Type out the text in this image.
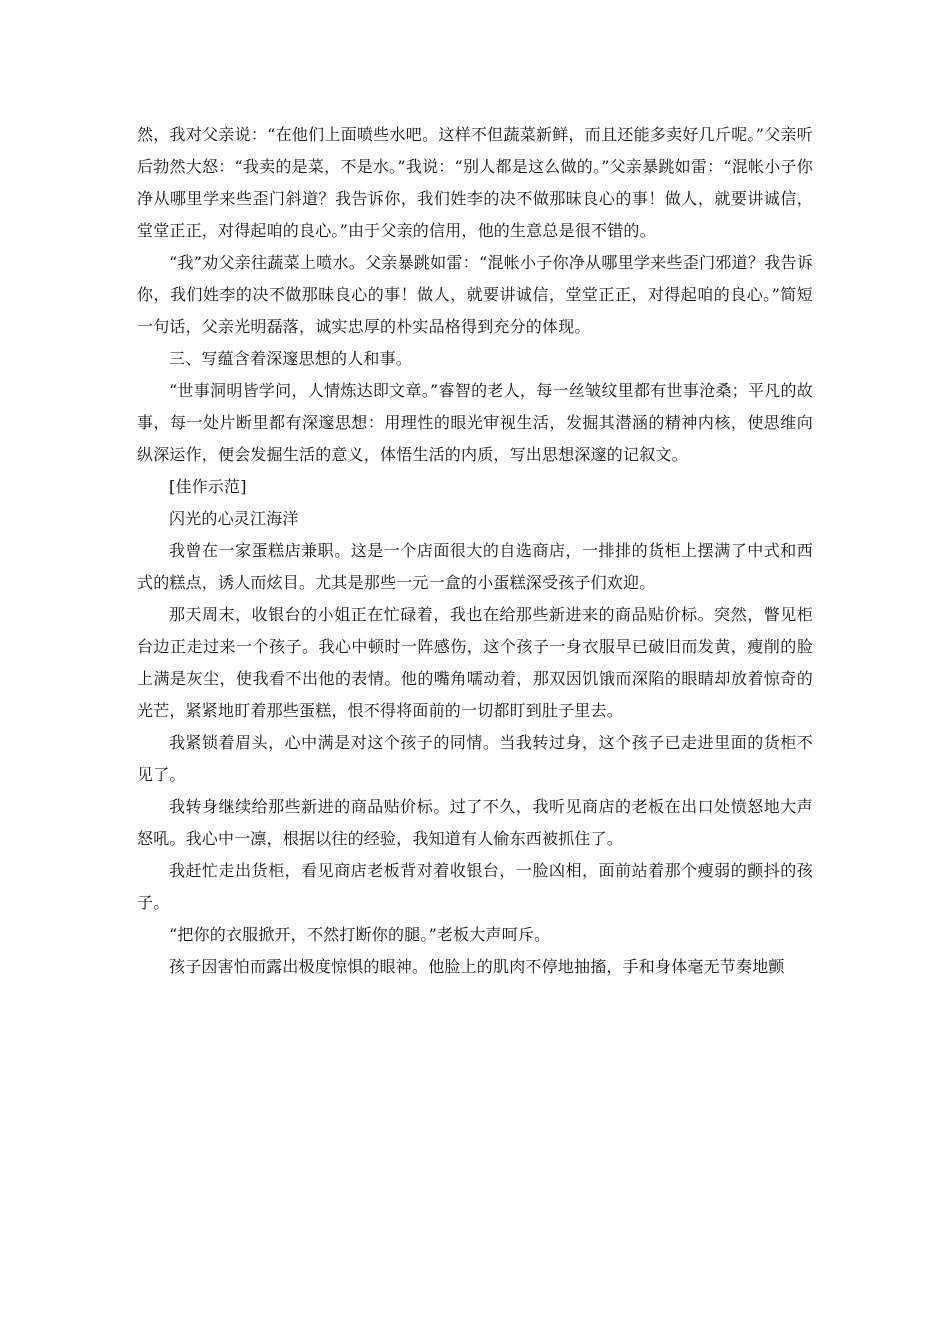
然，我对父亲说：“在他们上面喷些水吧。这样不但蔬菜新鲜，而且还能多卖好几斤呢。”父亲听后勃然大怒：“我卖的是菜，不是水。”我说：“别人都是这么做的。”父亲暴跳如雷：“混帐小子你净从哪里学来些歪门斜道？我告诉你，我们姓李的决不做那昧良心的事！做人，就要讲诚信，堂堂正正，对得起咱的良心。”由于父亲的信用，他的生意总是很不错的。

“我”劝父亲往蔬菜上喷水。父亲暴跳如雷：“混帐小子你净从哪里学来些歪门邪道？我告诉你，我们姓李的决不做那昧良心的事！做人，就要讲诚信，堂堂正正，对得起咱的良心。”简短一句话，父亲光明磊落，诚实忠厚的朴实品格得到充分的体现。

三、写蕴含着深邃思想的人和事。

“世事洞明皆学问，人情炼达即文章。”睿智的老人，每一丝皱纹里都有世事沧桑；平凡的故事，每一处片断里都有深邃思想：用理性的眼光审视生活，发掘其潜涵的精神内核，使思维向纵深运作，便会发掘生活的意义，体悟生活的内质，写出思想深邃的记叙文。

[佳作示范]

闪光的心灵江海洋

我曾在一家蛋糕店兼职。这是一个店面很大的自选商店，一排排的货柜上摆满了中式和西式的糕点，诱人而炫目。尤其是那些一元一盒的小蛋糕深受孩子们欢迎。

那天周末，收银台的小姐正在忙碌着，我也在给那些新进来的商品贴价标。突然，瞥见柜台边正走过来一个孩子。我心中顿时一阵感伤，这个孩子一身衣服早已破旧而发黄，瘦削的脸上满是灰尘，使我看不出他的表情。他的嘴角嚅动着，那双因饥饿而深陷的眼睛却放着惊奇的光芒，紧紧地盯着那些蛋糕，恨不得将面前的一切都盯到肚子里去。

我紧锁着眉头，心中满是对这个孩子的同情。当我转过身，这个孩子已走进里面的货柜不见了。

我转身继续给那些新进的商品贴价标。过了不久，我听见商店的老板在出口处愤怒地大声怒吼。我心中一凛，根据以往的经验，我知道有人偷东西被抓住了。

我赶忙走出货柜，看见商店老板背对着收银台，一脸凶相，面前站着那个瘦弱的颤抖的孩子。

“把你的衣服掀开，不然打断你的腿。”老板大声呵斥。

孩子因害怕而露出极度惊惧的眼神。他脸上的肌肉不停地抽搐，手和身体毫无节奏地颤
